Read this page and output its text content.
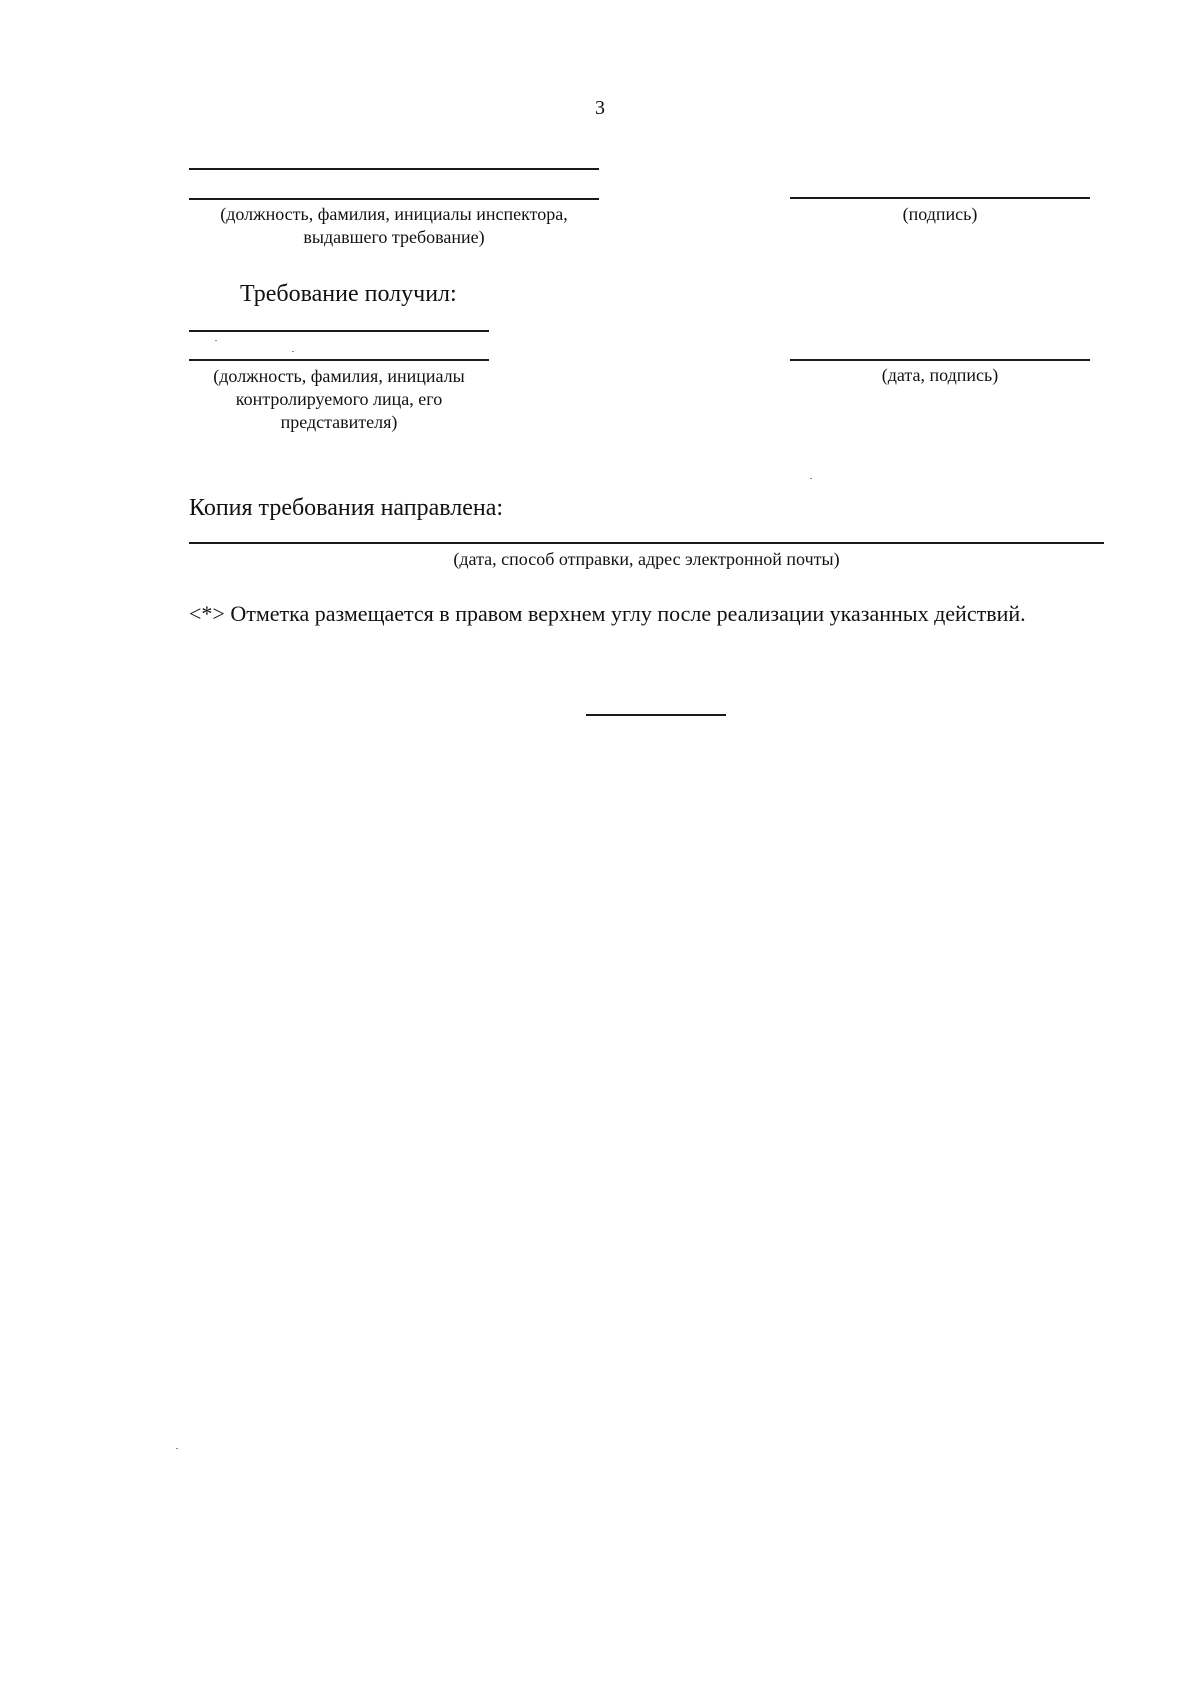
3
(должность, фамилия, инициалы инспектора,
выдавшего требование)
(подпись)
Требование получил:
(должность, фамилия, инициалы
контролируемого лица, его
представителя)
(дата, подпись)
Копия требования направлена:
(дата, способ отправки, адрес электронной почты)
<*> Отметка размещается в правом верхнем углу после реализации указанных действий.
